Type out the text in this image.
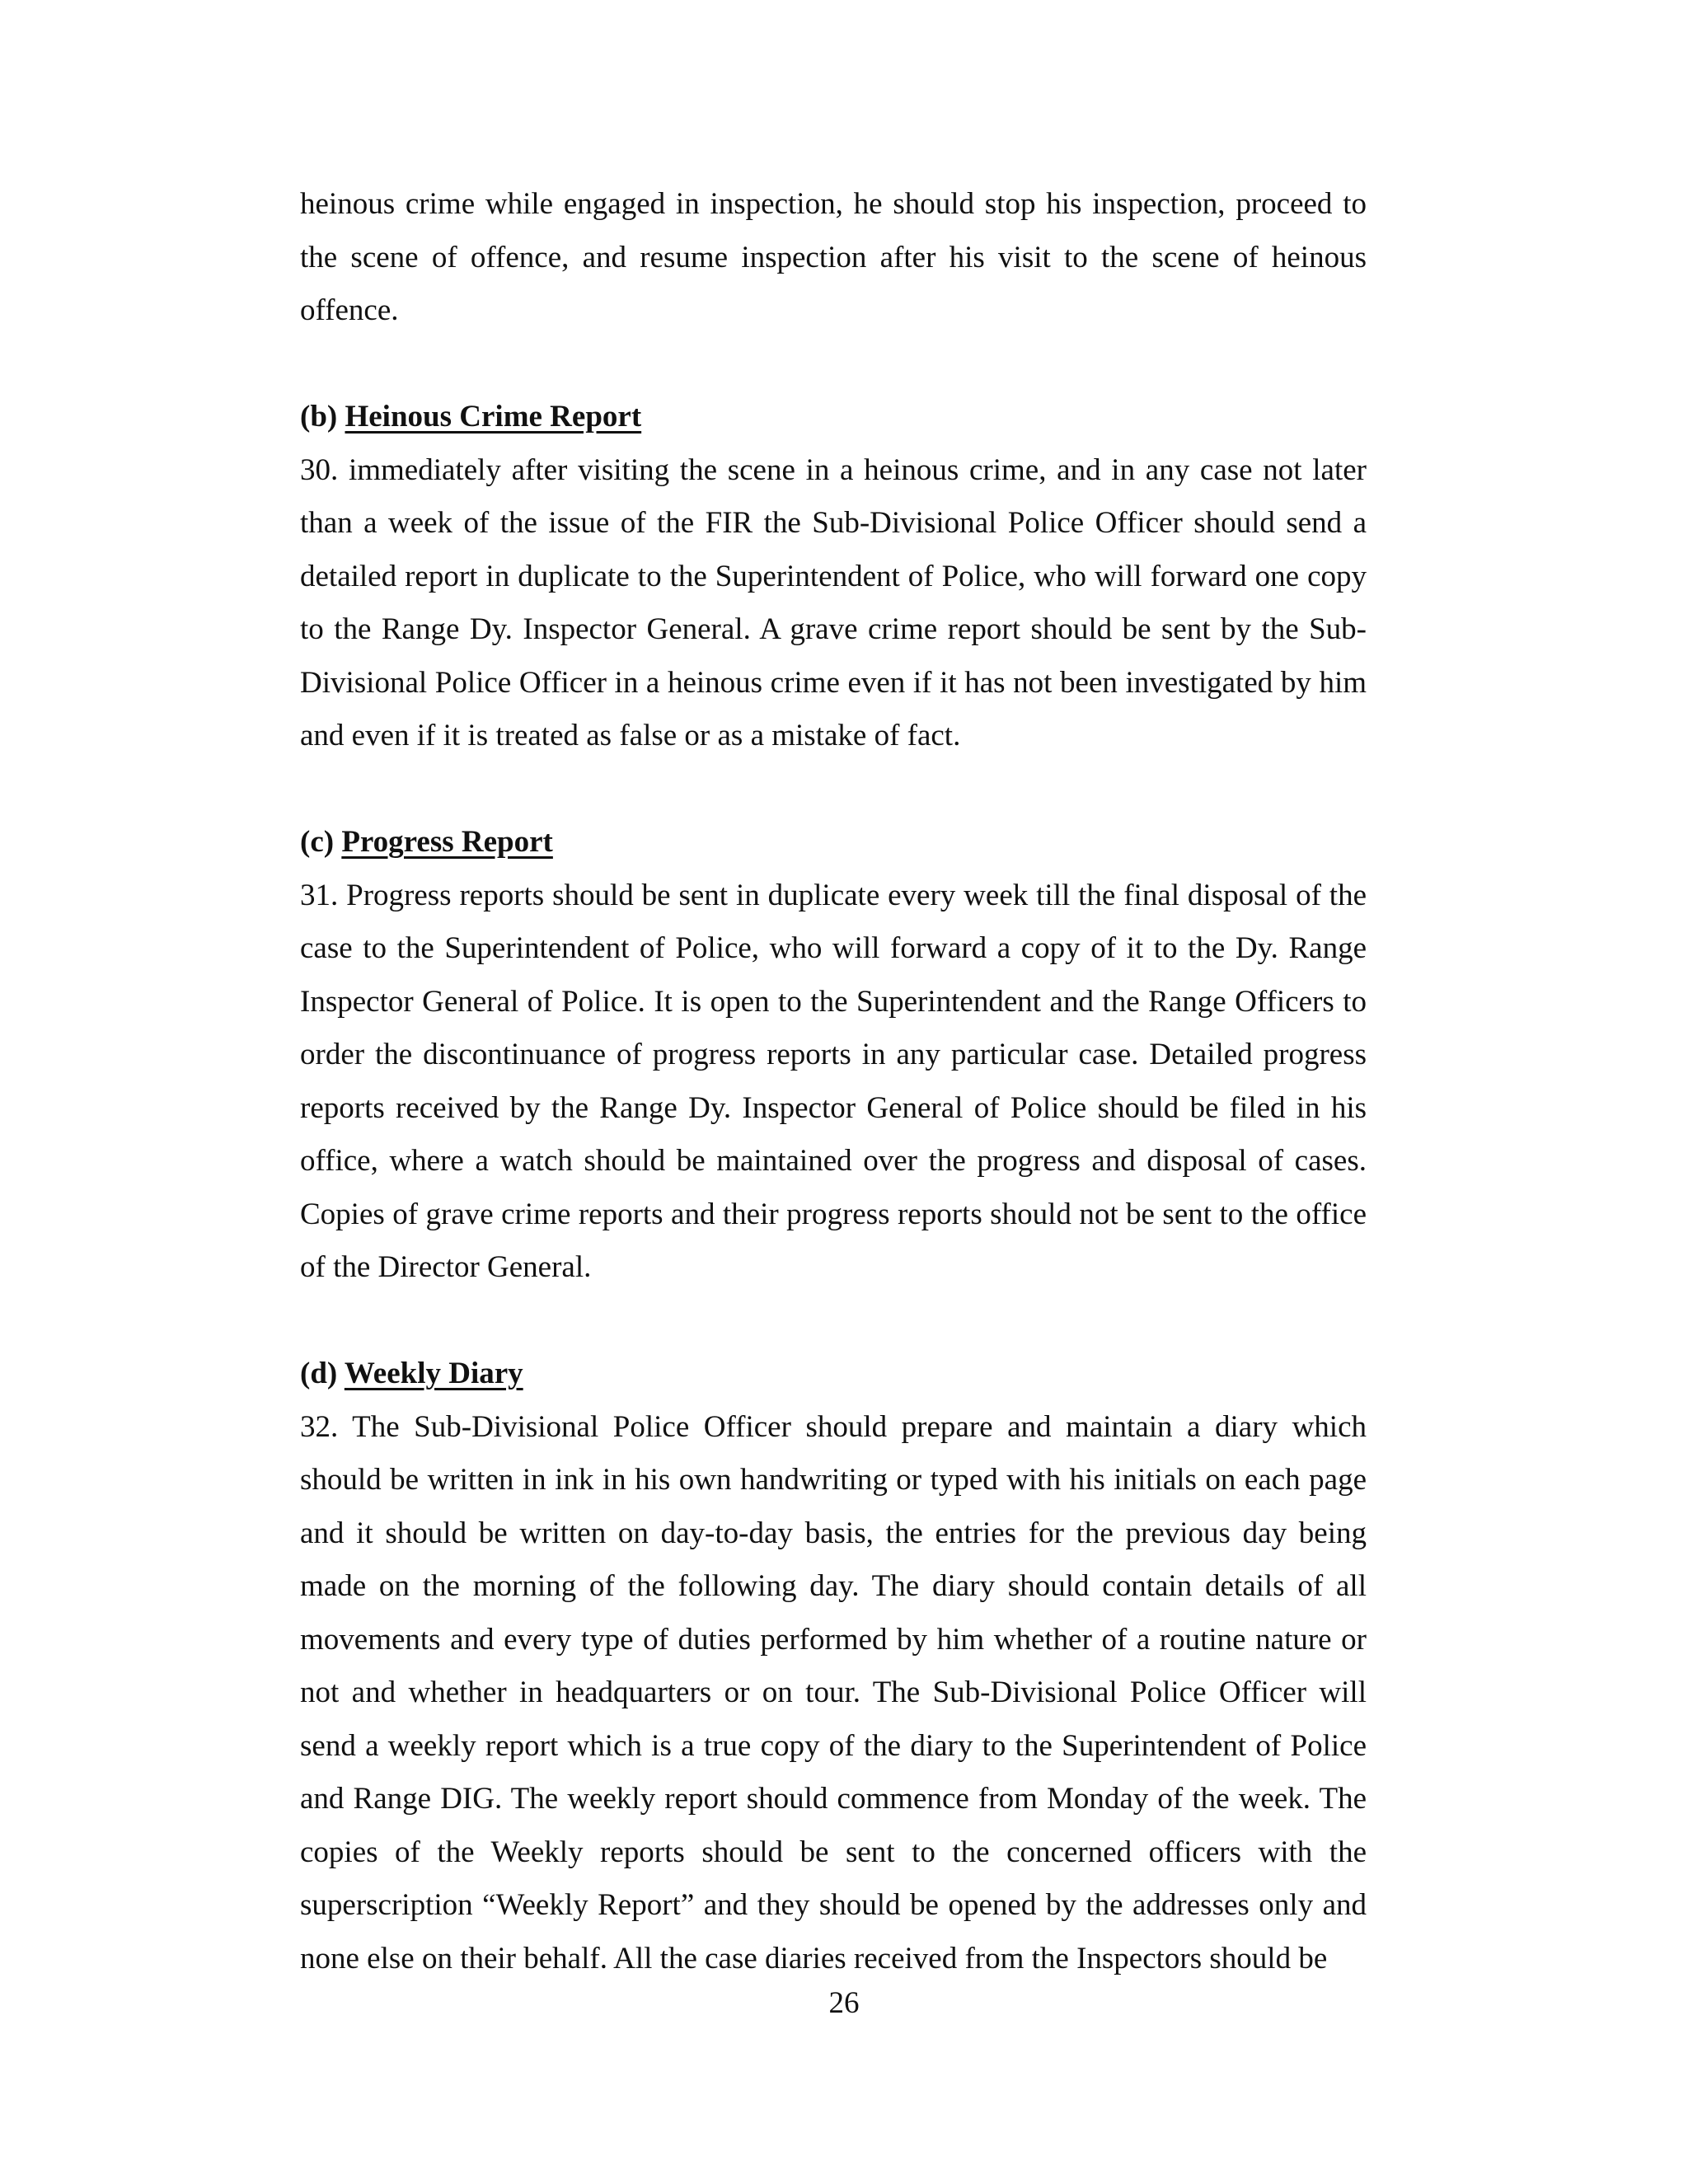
heinous crime while engaged in inspection, he should stop his inspection, proceed to the scene of offence, and resume inspection after his visit to the scene of heinous offence.

(b) Heinous Crime Report

30. immediately after visiting the scene in a heinous crime, and in any case not later than a week of the issue of the FIR the Sub-Divisional Police Officer should send a detailed report in duplicate to the Superintendent of Police, who will forward one copy to the Range Dy. Inspector General. A grave crime report should be sent by the Sub-Divisional Police Officer in a heinous crime even if it has not been investigated by him and even if it is treated as false or as a mistake of fact.

(c) Progress Report

31. Progress reports should be sent in duplicate every week till the final disposal of the case to the Superintendent of Police, who will forward a copy of it to the Dy. Range Inspector General of Police. It is open to the Superintendent and the Range Officers to order the discontinuance of progress reports in any particular case. Detailed progress reports received by the Range Dy. Inspector General of Police should be filed in his office, where a watch should be maintained over the progress and disposal of cases. Copies of grave crime reports and their progress reports should not be sent to the office of the Director General.

(d) Weekly Diary

32. The Sub-Divisional Police Officer should prepare and maintain a diary which should be written in ink in his own handwriting or typed with his initials on each page and it should be written on day-to-day basis, the entries for the previous day being made on the morning of the following day. The diary should contain details of all movements and every type of duties performed by him whether of a routine nature or not and whether in headquarters or on tour. The Sub-Divisional Police Officer will send a weekly report which is a true copy of the diary to the Superintendent of Police and Range DIG. The weekly report should commence from Monday of the week. The copies of the Weekly reports should be sent to the concerned officers with the superscription “Weekly Report” and they should be opened by the addresses only and none else on their behalf. All the case diaries received from the Inspectors should be

26
